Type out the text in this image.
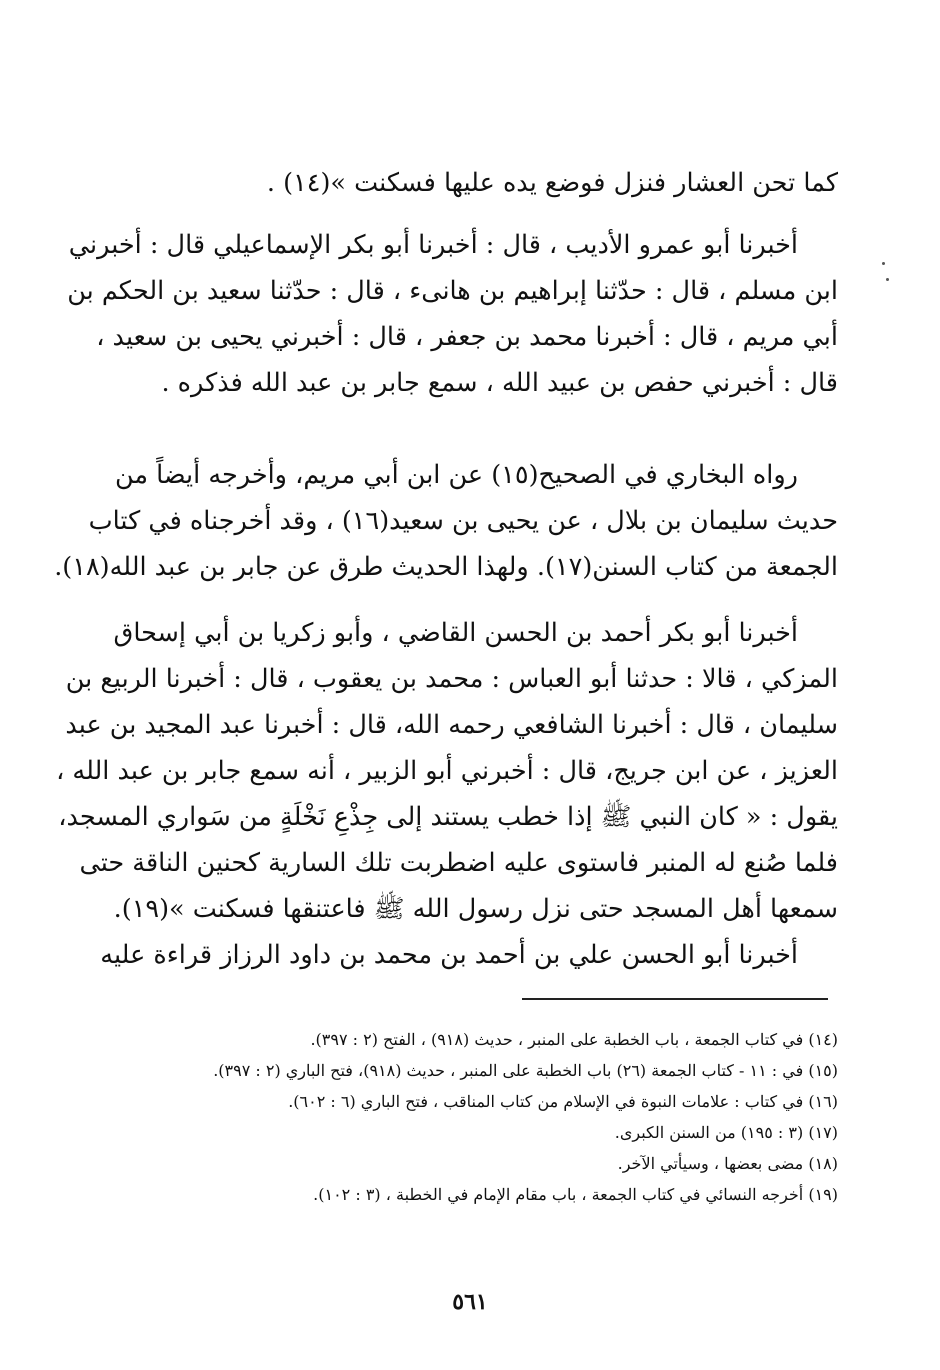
كما تحن العشار فنزل فوضع يده عليها فسكنت »(١٤) .
أخبرنا أبو عمرو الأديب ، قال : أخبرنا أبو بكر الإسماعيلي قال : أخبرني
ابن مسلم ، قال : حدّثنا إبراهيم بن هانىء ، قال : حدّثنا سعيد بن الحكم بن
أبي مريم ، قال : أخبرنا محمد بن جعفر ، قال : أخبرني يحيى بن سعيد ،
قال : أخبرني حفص بن عبيد الله ، سمع جابر بن عبد الله فذكره .
رواه البخاري في الصحيح(١٥) عن ابن أبي مريم، وأخرجه أيضاً من
حديث سليمان بن بلال ، عن يحيى بن سعيد(١٦) ، وقد أخرجناه في كتاب
الجمعة من كتاب السنن(١٧). ولهذا الحديث طرق عن جابر بن عبد الله(١٨).
أخبرنا أبو بكر أحمد بن الحسن القاضي ، وأبو زكريا بن أبي إسحاق
المزكي ، قالا : حدثنا أبو العباس : محمد بن يعقوب ، قال : أخبرنا الربيع بن
سليمان ، قال : أخبرنا الشافعي رحمه الله، قال : أخبرنا عبد المجيد بن عبد
العزيز ، عن ابن جريج، قال : أخبرني أبو الزبير ، أنه سمع جابر بن عبد الله ،
يقول : « كان النبي ﷺ إذا خطب يستند إلى جِذْعِ نَخْلَةٍ من سَواري المسجد،
فلما صُنع له المنبر فاستوى عليه اضطربت تلك السارية كحنين الناقة حتى
سمعها أهل المسجد حتى نزل رسول الله ﷺ فاعتنقها فسكنت »(١٩).
أخبرنا أبو الحسن علي بن أحمد بن محمد بن داود الرزاز قراءة عليه
(١٤) في كتاب الجمعة ، باب الخطبة على المنبر ، حديث (٩١٨) ، الفتح (٢ : ٣٩٧).
(١٥) في : ١١ - كتاب الجمعة (٢٦) باب الخطبة على المنبر ، حديث (٩١٨)، فتح الباري (٢ : ٣٩٧).
(١٦) في كتاب : علامات النبوة في الإسلام من كتاب المناقب ، فتح الباري (٦ : ٦٠٢).
(١٧) (٣ : ١٩٥) من السنن الكبرى.
(١٨) مضى بعضها ، وسيأتي الآخر.
(١٩) أخرجه النسائي في كتاب الجمعة ، باب مقام الإمام في الخطبة ، (٣ : ١٠٢).
٥٦١
